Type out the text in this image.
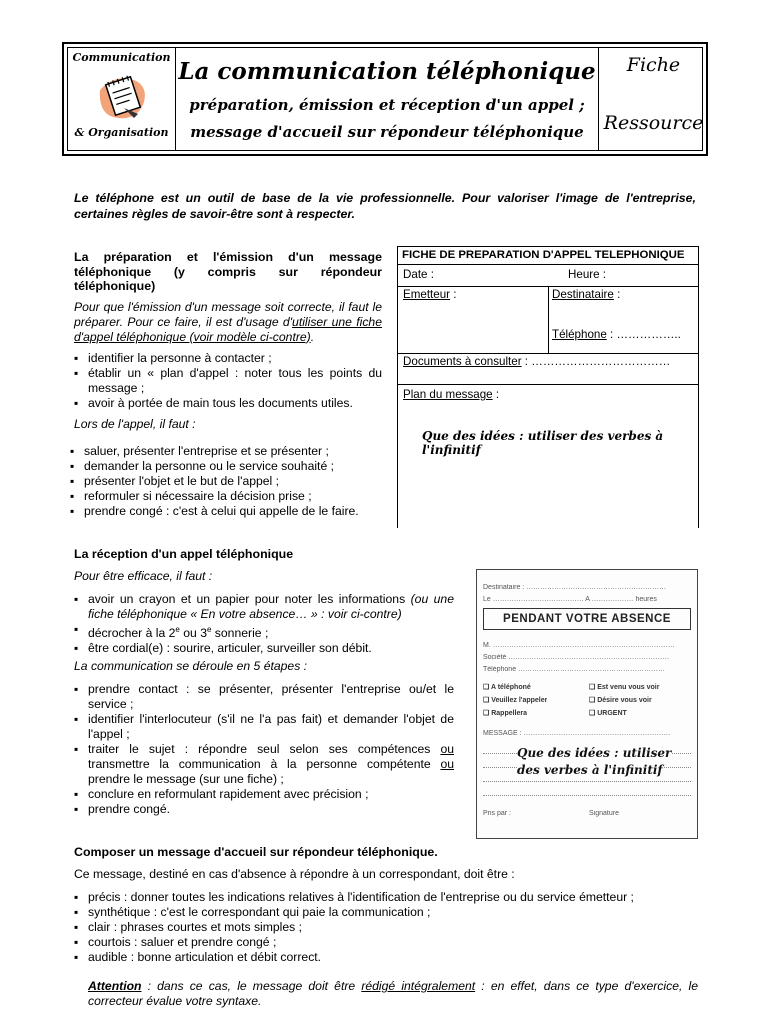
Communication
& Organisation
La communication téléphonique
préparation, émission et réception d'un appel ;
message d'accueil sur répondeur téléphonique
Fiche
Ressource
Le téléphone est un outil de base de la vie professionnelle. Pour valoriser l'image de l'entreprise, certaines règles de savoir-être sont à respecter.
La préparation et l'émission d'un message téléphonique (y compris sur répondeur téléphonique)
Pour que l'émission d'un message soit correcte, il faut le préparer. Pour ce faire, il est d'usage d'utiliser une fiche d'appel téléphonique (voir modèle ci-contre).
▪ identifier la personne à contacter ;
▪ établir un « plan d'appel : noter tous les points du message ;
▪ avoir à portée de main tous les documents utiles.
Lors de l'appel, il faut :
▪ saluer, présenter l'entreprise et se présenter ;
▪ demander la personne ou le service souhaité ;
▪ présenter l'objet et le but de l'appel ;
▪ reformuler si nécessaire la décision prise ;
▪ prendre congé : c'est à celui qui appelle de le faire.
FICHE DE PREPARATION D'APPEL TELEPHONIQUE
Date :	Heure :
Emetteur :	Destinataire :
Téléphone : ……………..
Documents à consulter : ………………………………
Plan du message :
Que des idées : utiliser des verbes à l'infinitif
La réception d'un appel téléphonique
Pour être efficace, il faut :
▪ avoir un crayon et un papier pour noter les informations (ou une fiche téléphonique « En votre absence… » : voir ci-contre)
▪ décrocher à la 2e ou 3e sonnerie ;
▪ être cordial(e) : sourire, articuler, surveiller son débit.
La communication se déroule en 5 étapes :
▪ prendre contact : se présenter, présenter l'entreprise ou/et le service ;
▪ identifier l'interlocuteur (s'il ne l'a pas fait) et demander l'objet de l'appel ;
▪ traiter le sujet : répondre seul selon ses compétences ou transmettre la communication à la personne compétente ou prendre le message (sur une fiche) ;
▪ conclure en reformulant rapidement avec précision ;
▪ prendre congé.
Destinataire : ……………………………………………………
Le ………………………………… A ……………… heures
PENDANT VOTRE ABSENCE
M. ……………………………………………………………………
Société ……………………………………………………………
Téléphone ………………………………………………………
❑ A téléphoné	❑ Est venu vous voir
❑ Veuillez l'appeler	❑ Désire vous voir
❑ Rappellera	❑ URGENT
MESSAGE : ………………………………………………………
Que des idées : utiliser
des verbes à l'infinitif
Pris par :	Signature
Composer un message d'accueil sur répondeur téléphonique.
Ce message, destiné en cas d'absence à répondre à un correspondant, doit être :
▪ précis : donner toutes les indications relatives à l'identification de l'entreprise ou du service émetteur ;
▪ synthétique : c'est le correspondant qui paie la communication ;
▪ clair : phrases courtes et mots simples ;
▪ courtois : saluer et prendre congé ;
▪ audible : bonne articulation et débit correct.
Attention : dans ce cas, le message doit être rédigé intégralement : en effet, dans ce type d'exercice, le correcteur évalue votre syntaxe.
